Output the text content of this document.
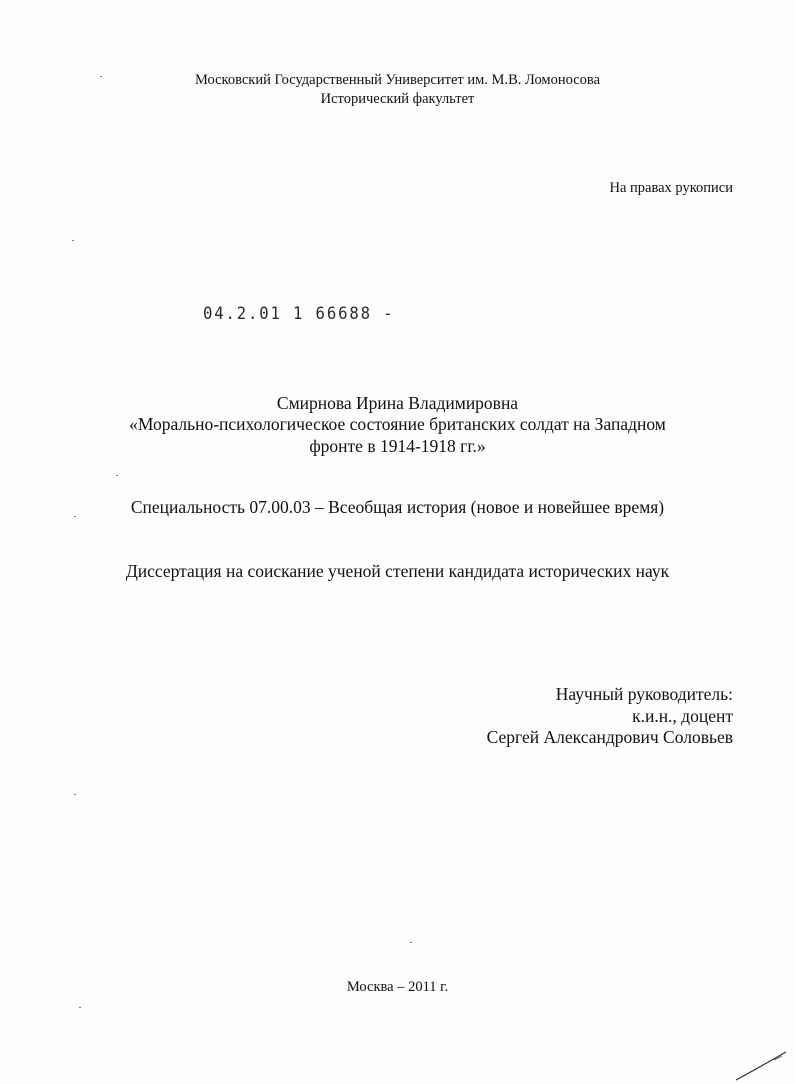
Московский Государственный Университет им. М.В. Ломоносова
Исторический факультет
На правах рукописи
04.2.01 1 66688 -
Смирнова Ирина Владимировна
«Морально-психологическое состояние британских солдат на Западном
фронте в 1914-1918 гг.»
Специальность 07.00.03 – Всеобщая история (новое и новейшее время)
Диссертация на соискание ученой степени кандидата исторических наук
Научный руководитель:
к.и.н., доцент
Сергей Александрович Соловьев
Москва – 2011 г.
